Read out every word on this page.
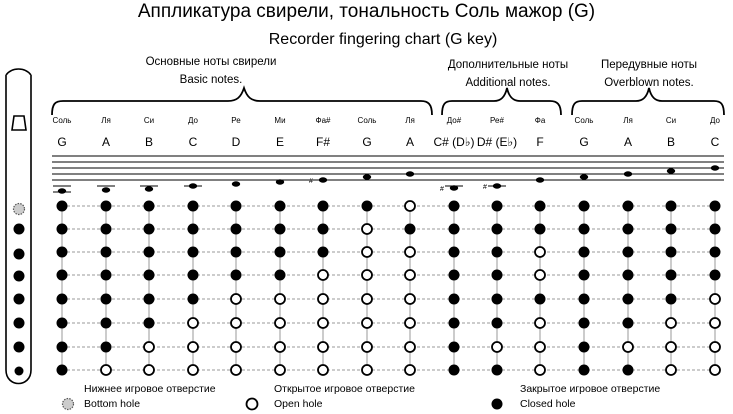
Аппликатура свирели, тональность Соль мажор (G)
Recorder fingering chart (G key)
Основные ноты свирели
Basic notes.
Дополнительные ноты
Additional notes.
Передувные ноты
Overblown notes.
#
#	#
Соль
G
Ля
A
Си
B
До
C
Ре
D
Ми
E
Фа#
F#
Соль
G
Ля
A
До#
C# (D♭)
Ре#
D# (E♭)
Фа
F
Соль
G
Ля
A
Си
B
До
C
Нижнее игровое отверстие
Bottom hole
Открытое игровое отверстие
Open hole
Закрытое игровое отверстие
Closed hole
